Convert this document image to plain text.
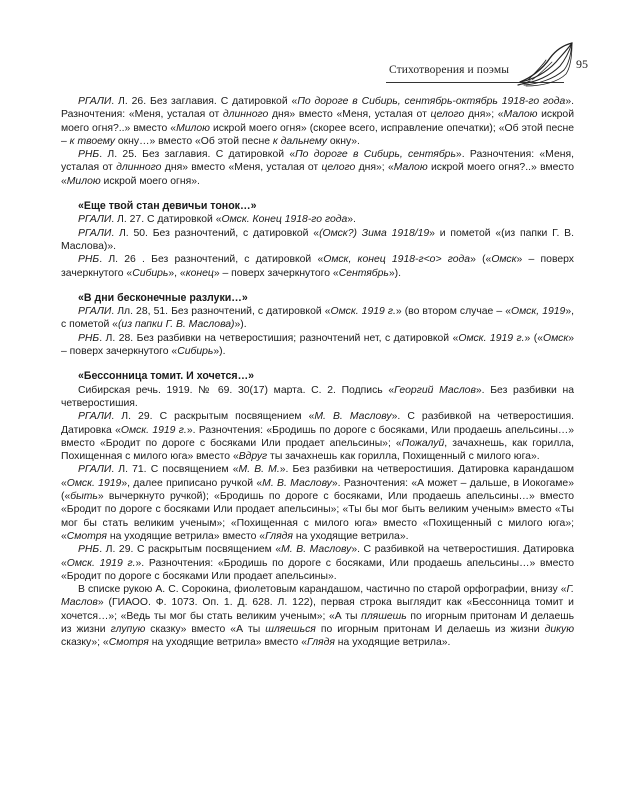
Стихотворения и поэмы	95

РГАЛИ. Л. 26. Без заглавия. С датировкой «По дороге в Сибирь, сентябрь-октябрь 1918-го года». Разночтения: «Меня, усталая от длинного дня» вместо «Меня, усталая от целого дня»; «Малою искрой моего огня?..» вместо «Милою искрой моего огня» (скорее всего, исправление опечатки); «Об этой песне – к твоему окну…» вместо «Об этой песне к дальнему окну».

РНБ. Л. 25. Без заглавия. С датировкой «По дороге в Сибирь, сентябрь». Разночтения: «Меня, усталая от длинного дня» вместо «Меня, усталая от целого дня»; «Малою искрой моего огня?..» вместо «Милою искрой моего огня».

«Еще твой стан девичьи тонок…»

РГАЛИ. Л. 27. С датировкой «Омск. Конец 1918-го года».

РГАЛИ. Л. 50. Без разночтений, с датировкой «(Омск?) Зима 1918/19» и пометой «(из папки Г. В. Маслова)».

РНБ. Л. 26 . Без разночтений, с датировкой «Омск, конец 1918-г<о> года» («Омск» – поверх зачеркнутого «Сибирь», «конец» – поверх зачеркнутого «Сентябрь»).

«В дни бесконечные разлуки…»

РГАЛИ. Лл. 28, 51. Без разночтений, с датировкой «Омск. 1919 г.» (во втором случае – «Омск, 1919», с пометой «(из папки Г. В. Маслова)»).

РНБ. Л. 28. Без разбивки на четверостишия; разночтений нет, с датировкой «Омск. 1919 г.» («Омск» – поверх зачеркнутого «Сибирь»).

«Бессонница томит. И хочется…»

Сибирская речь. 1919. № 69. 30(17) марта. С. 2. Подпись «Георгий Маслов». Без разбивки на четверостишия.

РГАЛИ. Л. 29. С раскрытым посвящением «М. В. Маслову». С разбивкой на четверостишия. Датировка «Омск. 1919 г.». Разночтения: «Бродишь по дороге с босяками, Или продаешь апельсины…» вместо «Бродит по дороге с босяками Или продает апельсины»; «Пожалуй, зачахнешь, как горилла, Похищенная с милого юга» вместо «Вдруг ты зачахнешь как горилла, Похищенный с милого юга».

РГАЛИ. Л. 71. С посвящением «М. В. М.». Без разбивки на четверостишия. Датировка карандашом «Омск. 1919», далее приписано ручкой «М. В. Маслову». Разночтения: «А может – дальше, в Иокогаме» («быть» вычеркнуто ручкой); «Бродишь по дороге с босяками, Или продаешь апельсины…» вместо «Бродит по дороге с босяками Или продает апельсины»; «Ты бы мог быть великим ученым» вместо «Ты мог бы стать великим ученым»; «Похищенная с милого юга» вместо «Похищенный с милого юга»; «Смотря на уходящие ветрила» вместо «Глядя на уходящие ветрила».

РНБ. Л. 29. С раскрытым посвящением «М. В. Маслову». С разбивкой на четверостишия. Датировка «Омск. 1919 г.». Разночтения: «Бродишь по дороге с босяками, Или продаешь апельсины…» вместо «Бродит по дороге с босяками Или продает апельсины».

В списке рукою А. С. Сорокина, фиолетовым карандашом, частично по старой орфографии, внизу «Г. Маслов» (ГИАОО. Ф. 1073. Оп. 1. Д. 628. Л. 122), первая строка выглядит как «Бессонница томит и хочется…»; «Ведь ты мог бы стать великим ученым»; «А ты пляшешь по игорным притонам И делаешь из жизни глупую сказку» вместо «А ты шляешься по игорным притонам И делаешь из жизни дикую сказку»; «Смотря на уходящие ветрила» вместо «Глядя на уходящие ветрила».
